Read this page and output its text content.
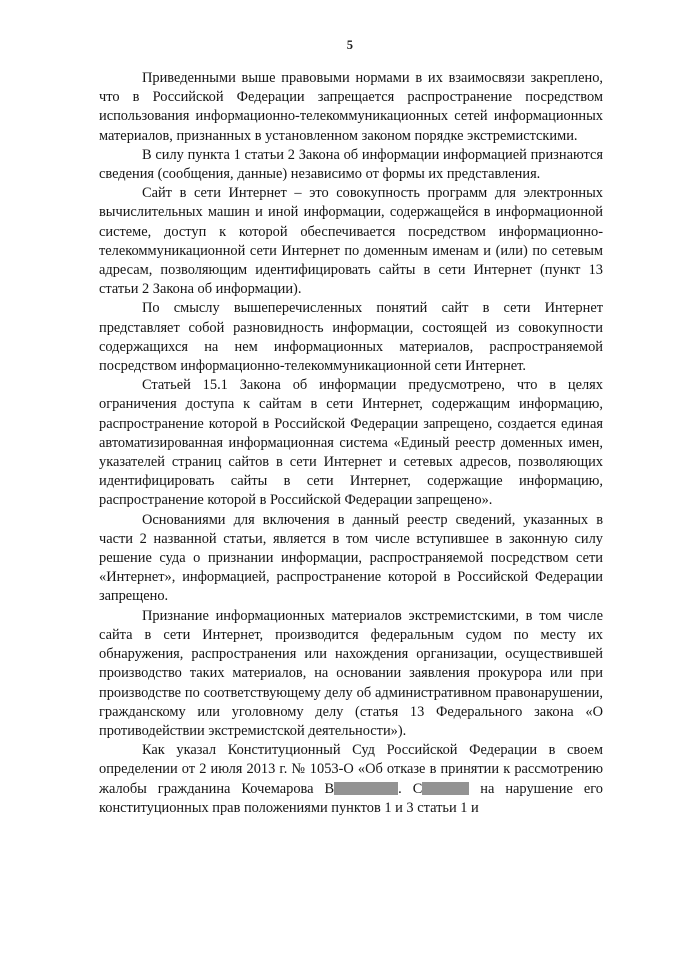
5

Приведенными выше правовыми нормами в их взаимосвязи закреплено, что в Российской Федерации запрещается распространение посредством использования информационно-телекоммуникационных сетей информационных материалов, признанных в установленном законом порядке экстремистскими.

В силу пункта 1 статьи 2 Закона об информации информацией признаются сведения (сообщения, данные) независимо от формы их представления.

Сайт в сети Интернет – это совокупность программ для электронных вычислительных машин и иной информации, содержащейся в информационной системе, доступ к которой обеспечивается посредством информационно-телекоммуникационной сети Интернет по доменным именам и (или) по сетевым адресам, позволяющим идентифицировать сайты в сети Интернет (пункт 13 статьи 2 Закона об информации).

По смыслу вышеперечисленных понятий сайт в сети Интернет представляет собой разновидность информации, состоящей из совокупности содержащихся на нем информационных материалов, распространяемой посредством информационно-телекоммуникационной сети Интернет.

Статьей 15.1 Закона об информации предусмотрено, что в целях ограничения доступа к сайтам в сети Интернет, содержащим информацию, распространение которой в Российской Федерации запрещено, создается единая автоматизированная информационная система «Единый реестр доменных имен, указателей страниц сайтов в сети Интернет и сетевых адресов, позволяющих идентифицировать сайты в сети Интернет, содержащие информацию, распространение которой в Российской Федерации запрещено».

Основаниями для включения в данный реестр сведений, указанных в части 2 названной статьи, является в том числе вступившее в законную силу решение суда о признании информации, распространяемой посредством сети «Интернет», информацией, распространение которой в Российской Федерации запрещено.

Признание информационных материалов экстремистскими, в том числе сайта в сети Интернет, производится федеральным судом по месту их обнаружения, распространения или нахождения организации, осуществившей производство таких материалов, на основании заявления прокурора или при производстве по соответствующему делу об административном правонарушении, гражданскому или уголовному делу (статья 13 Федерального закона «О противодействии экстремистской деятельности»).

Как указал Конституционный Суд Российской Федерации в своем определении от 2 июля 2013 г. № 1053-О «Об отказе в принятии к рассмотрению жалобы гражданина Кочемарова В	. С	на нарушение его конституционных прав положениями пунктов 1 и 3 статьи 1 и
